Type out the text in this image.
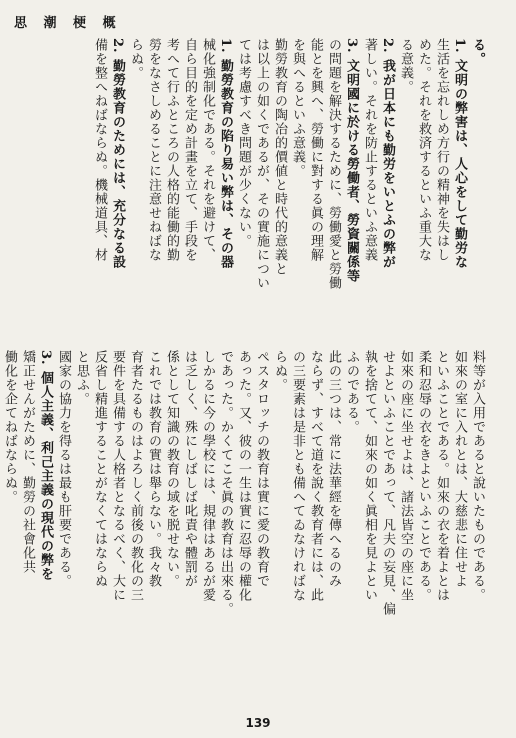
思 潮 梗 概

る。

1. 文明の弊害は、人心をして勤労な

生活を忘れしめ方行の精神を失はし

めた。それを救済するといふ重大な

る意義。

2. 我が日本にも勤労をいとふの弊が

著しい。それを防止するといふ意義

3. 文明國に於ける勞働者、勞資關係等

の問題を解決するために、勞働愛と勞働

能とを興へ、勞働に對する眞の理解

を與へるといふ意義。

勤勞教育の陶冶的價値と時代的意義と

は以上の如くであるが、その實施につい

ては考慮すべき問題が少くない。

1. 勤勞教育の陷り易い弊は、その器

械化強制化である。それを避けて、

自ら目的を定め計畫を立て、手段を

考へて行ふところの人格的能働的勤

勞をなさしめることに注意せねばな

らぬ。

2. 勤勞教育のためには、充分なる設

備を整へねばならぬ。機械道具、材

料等が入用であると說いたものである。

如來の室に入れとは、大慈悲に住せよ

といふことである。如來の衣を着よとは

柔和忍辱の衣をきよといふことである。

如來の座に坐せよは、諸法皆空の座に坐

せよといふことであって、凡夫の妄見、偏

執を捨てて、如來の如く眞相を見よとい

ふのである。

此の三つは、常に法華經を傳へるのみ

ならず、すべて道を說く教育者には、此

の三要素は是非とも備へてゐなければな

らぬ。

ペスタロッチの教育は實に愛の教育で

あった。又、彼の一生は實に忍辱の權化

であった。かくてこそ眞の教育は出來る。

しかるに今の學校には、規律はあるが愛

は乏しく、殊にしばしば叱責や體罰が

係として知識の教育の域を脱せない。

これでは教育の實は舉らない。我々教

育者たるものはよろしく前後の教化の三

要件を具備する人格者となるべく、大に

反省し精進することがなくてはならぬ

と思ふ。

國家の協力を得るは最も肝要である。

3. 個人主義、利己主義の現代の弊を

矯正せんがために、勤勞の社會化共

働化を企てねばならぬ。

139
